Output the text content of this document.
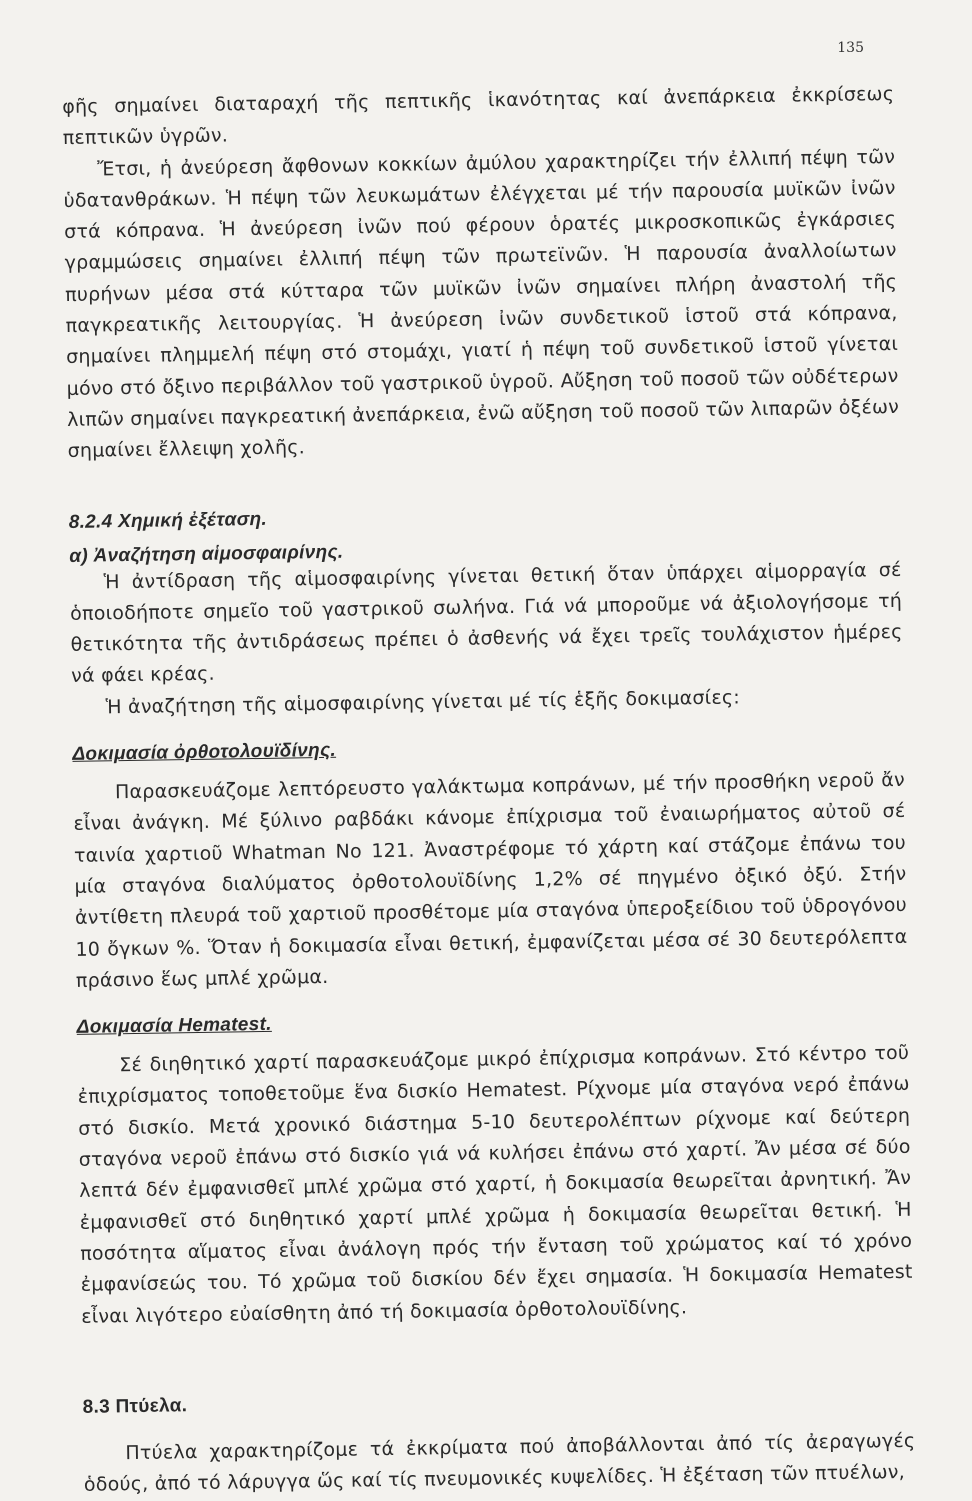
135

φῆς σημαίνει διαταραχή τῆς πεπτικῆς ἱκανότητας καί ἀνεπάρκεια ἐκκρίσεως πεπτικῶν ὑγρῶν.

Ἔτσι, ἡ ἀνεύρεση ἄφθονων κοκκίων ἀμύλου χαρακτηρίζει τήν ἐλλιπή πέψη τῶν ὑδατανθράκων. Ἡ πέψη τῶν λευκωμάτων ἐλέγχεται μέ τήν παρουσία μυϊκῶν ἰνῶν στά κόπρανα. Ἡ ἀνεύρεση ἰνῶν πού φέρουν ὁρατές μικροσκοπικῶς ἐγκάρσιες γραμμώσεις σημαίνει ἐλλιπή πέψη τῶν πρωτεϊνῶν. Ἡ παρουσία ἀναλλοίωτων πυρήνων μέσα στά κύτταρα τῶν μυϊκῶν ἰνῶν σημαίνει πλήρη ἀναστολή τῆς παγκρεατικῆς λειτουργίας. Ἡ ἀνεύρεση ἰνῶν συνδετικοῦ ἱστοῦ στά κόπρανα, σημαίνει πλημμελή πέψη στό στομάχι, γιατί ἡ πέψη τοῦ συνδετικοῦ ἱστοῦ γίνεται μόνο στό ὄξινο περιβάλλον τοῦ γαστρικοῦ ὑγροῦ. Αὔξηση τοῦ ποσοῦ τῶν οὐδέτερων λιπῶν σημαίνει παγκρεατική ἀνεπάρκεια, ἐνῶ αὔξηση τοῦ ποσοῦ τῶν λιπαρῶν ὀξέων σημαίνει ἔλλειψη χολῆς.

8.2.4 Χημική ἐξέταση.
α) Ἀναζήτηση αἱμοσφαιρίνης.

Ἡ ἀντίδραση τῆς αἱμοσφαιρίνης γίνεται θετική ὅταν ὑπάρχει αἱμορραγία σέ ὁποιοδήποτε σημεῖο τοῦ γαστρικοῦ σωλήνα. Γιά νά μποροῦμε νά ἀξιολογήσομε τή θετικότητα τῆς ἀντιδράσεως πρέπει ὁ ἀσθενής νά ἔχει τρεῖς τουλάχιστον ἡμέρες νά φάει κρέας.

Ἡ ἀναζήτηση τῆς αἱμοσφαιρίνης γίνεται μέ τίς ἑξῆς δοκιμασίες:

Δοκιμασία ὀρθοτολουϊδίνης.

Παρασκευάζομε λεπτόρευστο γαλάκτωμα κοπράνων, μέ τήν προσθήκη νεροῦ ἄν εἶναι ἀνάγκη. Μέ ξύλινο ραβδάκι κάνομε ἐπίχρισμα τοῦ ἐναιωρήματος αὐτοῦ σέ ταινία χαρτιοῦ Whatman No 121. Ἀναστρέφομε τό χάρτη καί στάζομε ἐπάνω του μία σταγόνα διαλύματος ὀρθοτολουϊδίνης 1,2% σέ πηγμένο ὀξικό ὀξύ. Στήν ἀντίθετη πλευρά τοῦ χαρτιοῦ προσθέτομε μία σταγόνα ὑπεροξείδιου τοῦ ὑδρογόνου 10 ὄγκων %. Ὅταν ἡ δοκιμασία εἶναι θετική, ἐμφανίζεται μέσα σέ 30 δευτερόλεπτα πράσινο ἕως μπλέ χρῶμα.

Δοκιμασία Hematest.

Σέ διηθητικό χαρτί παρασκευάζομε μικρό ἐπίχρισμα κοπράνων. Στό κέντρο τοῦ ἐπιχρίσματος τοποθετοῦμε ἕνα δισκίο Hematest. Ρίχνομε μία σταγόνα νερό ἐπάνω στό δισκίο. Μετά χρονικό διάστημα 5-10 δευτερολέπτων ρίχνομε καί δεύτερη σταγόνα νεροῦ ἐπάνω στό δισκίο γιά νά κυλήσει ἐπάνω στό χαρτί. Ἄν μέσα σέ δύο λεπτά δέν ἐμφανισθεῖ μπλέ χρῶμα στό χαρτί, ἡ δοκιμασία θεωρεῖται ἀρνητική. Ἄν ἐμφανισθεῖ στό διηθητικό χαρτί μπλέ χρῶμα ἡ δοκιμασία θεωρεῖται θετική. Ἡ ποσότητα αἵματος εἶναι ἀνάλογη πρός τήν ἔνταση τοῦ χρώματος καί τό χρόνο ἐμφανίσεώς του. Τό χρῶμα τοῦ δισκίου δέν ἔχει σημασία. Ἡ δοκιμασία Hematest εἶναι λιγότερο εὐαίσθητη ἀπό τή δοκιμασία ὀρθοτολουϊδίνης.

8.3 Πτύελα.

Πτύελα χαρακτηρίζομε τά ἐκκρίματα πού ἀποβάλλονται ἀπό τίς ἀεραγωγές ὁδούς, ἀπό τό λάρυγγα ὥς καί τίς πνευμονικές κυψελίδες. Ἡ ἐξέταση τῶν πτυέλων,
